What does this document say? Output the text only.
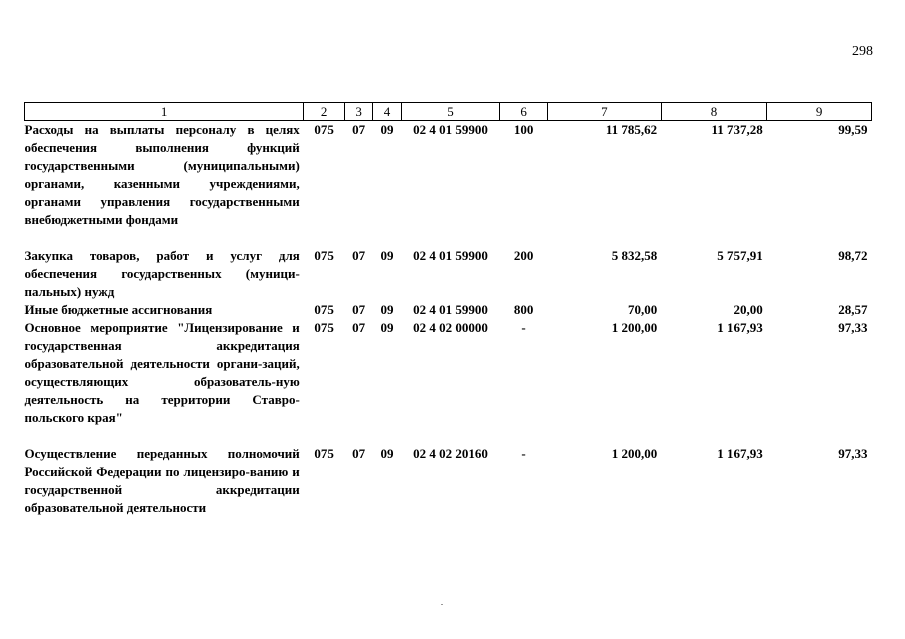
298
1	2	3	4	5	6	7	8	9
Расходы на выплаты персоналу в целях обеспечения выполнения функций государственными (муниципальными) органами, казенными учреждениями, органами управления государственными внебюджетными фондами	075	07	09	02 4 01 59900	100	11 785,62	11 737,28	99,59

Закупка товаров, работ и услуг для обеспечения государственных (муници-пальных) нужд	075	07	09	02 4 01 59900	200	5 832,58	5 757,91	98,72
Иные бюджетные ассигнования	075	07	09	02 4 01 59900	800	70,00	20,00	28,57
Основное мероприятие "Лицензирование и государственная аккредитация образовательной деятельности органи-заций, осуществляющих образователь-ную деятельность на территории Ставро-польского края"	075	07	09	02 4 02 00000	-	1 200,00	1 167,93	97,33

Осуществление переданных полномочий Российской Федерации по лицензиро-ванию и государственной аккредитации образовательной деятельности	075	07	09	02 4 02 20160	-	1 200,00	1 167,93	97,33
